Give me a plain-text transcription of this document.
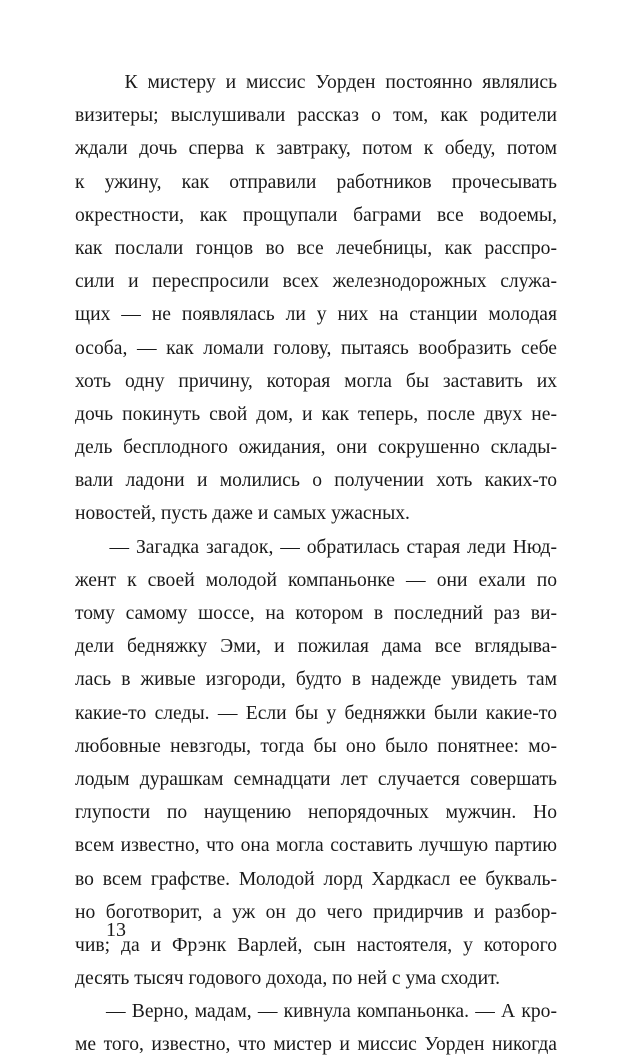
К мистеру и миссис Уорден постоянно являлись
визитеры; выслушивали рассказ о том, как родители
ждали дочь сперва к завтраку, потом к обеду, потом
к ужину, как отправили работников прочесывать
окрестности, как прощупали баграми все водоемы,
как послали гонцов во все лечебницы, как расспро-
сили и переспросили всех железнодорожных служа-
щих — не появлялась ли у них на станции молодая
особа, — как ломали голову, пытаясь вообразить себе
хоть одну причину, которая могла бы заставить их
дочь покинуть свой дом, и как теперь, после двух не-
дель бесплодного ожидания, они сокрушенно склады-
вали ладони и молились о получении хоть каких-то
новостей, пусть даже и самых ужасных.
— Загадка загадок, — обратилась старая леди Нюд-
жент к своей молодой компаньонке — они ехали по
тому самому шоссе, на котором в последний раз ви-
дели бедняжку Эми, и пожилая дама все вглядыва-
лась в живые изгороди, будто в надежде увидеть там
какие-то следы. — Если бы у бедняжки были какие-то
любовные невзгоды, тогда бы оно было понятнее: мо-
лодым дурашкам семнадцати лет случается совершать
глупости по наущению непорядочных мужчин. Но
всем известно, что она могла составить лучшую партию
во всем графстве. Молодой лорд Хардкасл ее букваль-
но боготворит, а уж он до чего придирчив и разбор-
чив; да и Фрэнк Варлей, сын настоятеля, у которого
десять тысяч годового дохода, по ней с ума сходит.
— Верно, мадам, — кивнула компаньонка. — А кро-
ме того, известно, что мистер и миссис Уорден никогда
13
